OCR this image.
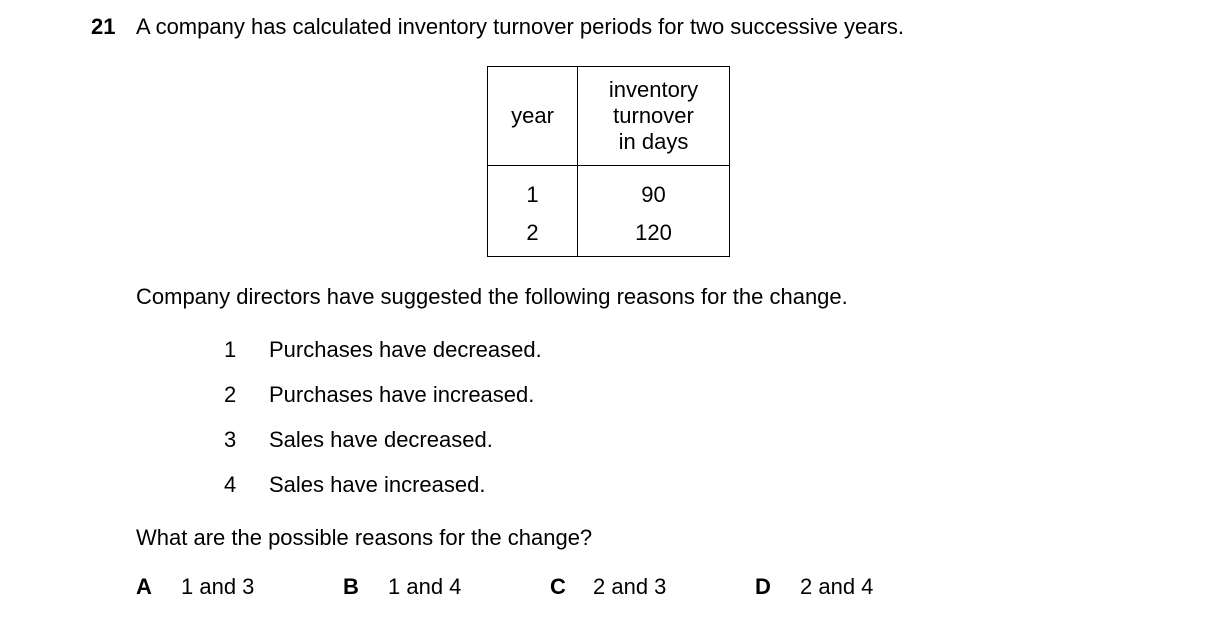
21 A company has calculated inventory turnover periods for two successive years.
year	inventory
turnover
in days

1	90
2	120
Company directors have suggested the following reasons for the change.
1 Purchases have decreased.
2 Purchases have increased.
3 Sales have decreased.
4 Sales have increased.
What are the possible reasons for the change?
A 1 and 3	B 1 and 4	C 2 and 3	D 2 and 4
